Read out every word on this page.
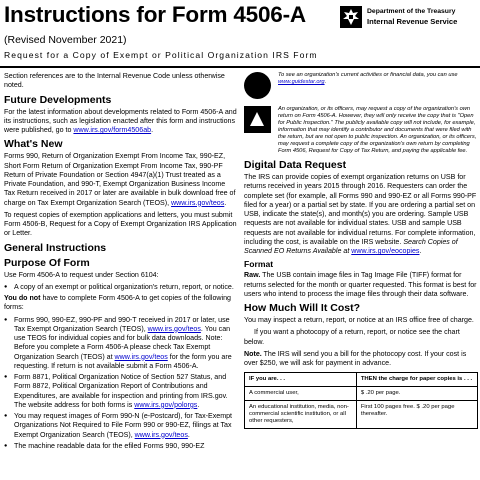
Instructions for Form 4506-A
(Revised November 2021)
Request for a Copy of Exempt or Political Organization IRS Form
Department of the Treasury
Internal Revenue Service

Section references are to the Internal Revenue Code unless otherwise noted.

Future Developments

For the latest information about developments related to Form 4506-A and its instructions, such as legislation enacted after this form and instructions were published, go to www.irs.gov/form4506ab.

What's New

Forms 990, Return of Organization Exempt From Income Tax, 990-EZ, Short Form Return of Organization Exempt From Income Tax, 990-PF Return of Private Foundation or Section 4947(a)(1) Trust treated as a Private Foundation, and 990-T, Exempt Organization Business Income Tax Return received in 2017 or later are available in bulk download free of charge on Tax Exempt Organization Search (TEOS), www.irs.gov/teos.

To request copies of exemption applications and letters, you must submit Form 4506-B, Request for a Copy of Exempt Organization IRS Application or Letter.

General Instructions
Purpose Of Form

Use Form 4506-A to request under Section 6104:

● A copy of an exempt or political organization's return, report, or notice.

You do not have to complete Form 4506-A to get copies of the following forms:

● Forms 990, 990-EZ, 990-PF and 990-T received in 2017 or later, use Tax Exempt Organization Search (TEOS), www.irs.gov/teos. You can use TEOS for individual copies and for bulk data downloads. Note: Before you complete a Form 4506-A please check Tax Exempt Organization Search (TEOS) at www.irs.gov/teos for the form you are requesting. If return is not available submit a Form 4506-A.
● Form 8871, Political Organization Notice of Section 527 Status, and Form 8872, Political Organization Report of Contributions and Expenditures, are available for inspection and printing from IRS.gov. The website address for both forms is www.irs.gov/polorgs.
● You may request images of Form 990-N (e-Postcard), for Tax-Exempt Organizations Not Required to File Form 990 or 990-EZ, filings at Tax Exempt Organization Search (TEOS), www.irs.gov/teos.
● The machine readable data for the efiled Forms 990, 990-EZ

To see an organization's current activities or financial data, you can use www.guidestar.org.

An organization, or its officers, may request a copy of the organization's own return on Form 4506-A. However, they will only receive the copy that is "Open for Public Inspection." The publicly available copy will not include, for example, information that may identify a contributor and documents that were filed with the return, but are not open to public inspection. An organization, or its officers, may request a complete copy of the organization's own return by completing Form 4506, Request for Copy of Tax Return, and paying the applicable fee.

Digital Data Request

The IRS can provide copies of exempt organization returns on USB for returns received in years 2015 through 2016. Requesters can order the complete set (for example, all Forms 990 and 990-EZ or all Forms 990-PF filed for a year) or a partial set by state. If you are ordering a partial set on USB, indicate the state(s), and month(s) you are ordering. Sample USB requests are not available for individual states. USB and sample USB requests are not available for individual returns. For complete information, including the cost, is available on the IRS website. Search Copies of Scanned EO Returns Available at www.irs.gov/eocopies.

Format

Raw. The USB contain image files in Tag Image File (TIFF) format for returns selected for the month or quarter requested. This format is best for users who intend to process the image files through their data software.

How Much Will It Cost?

You may inspect a return, report, or notice at an IRS office free of charge.

If you want a photocopy of a return, report, or notice see the chart below.

Note. The IRS will send you a bill for the photocopy cost. If your cost is over $250, we will ask for payment in advance.

IF you are. . .	THEN the charge for paper copies is . . .
A commercial user,	$ .20 per page.
An educational institution, media, non-commercial scientific institution, or all other requesters,	First 100 pages free. $ .20 per page thereafter.
